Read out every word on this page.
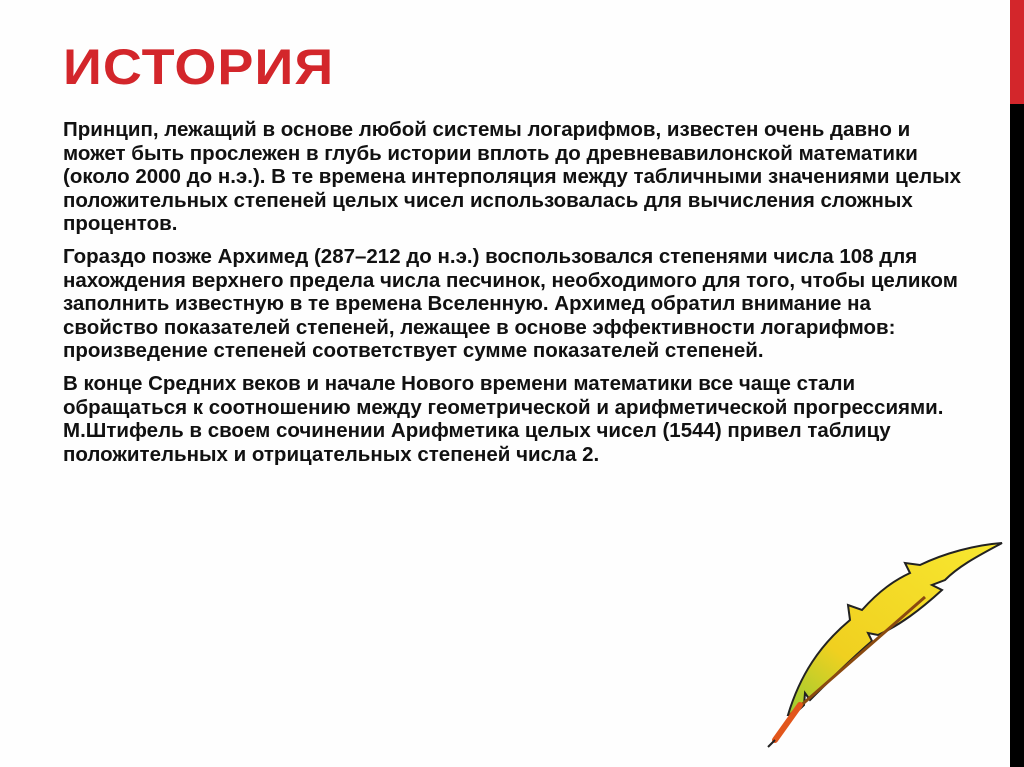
ИСТОРИЯ

Принцип, лежащий в основе любой системы логарифмов, известен очень давно и может быть прослежен в глубь истории вплоть до древневавилонской математики (около 2000 до н.э.). В те времена интерполяция между табличными значениями целых положительных степеней целых чисел использовалась для вычисления сложных процентов.

Гораздо позже Архимед (287–212 до н.э.) воспользовался степенями числа 108 для нахождения верхнего предела числа песчинок, необходимого для того, чтобы целиком заполнить известную в те времена Вселенную. Архимед обратил внимание на свойство показателей степеней, лежащее в основе эффективности логарифмов: произведение степеней соответствует сумме показателей степеней.

В конце Средних веков и начале Нового времени математики все чаще стали обращаться к соотношению между геометрической и арифметической прогрессиями. М.Штифель в своем сочинении Арифметика целых чисел (1544) привел таблицу положительных и отрицательных степеней числа 2.
